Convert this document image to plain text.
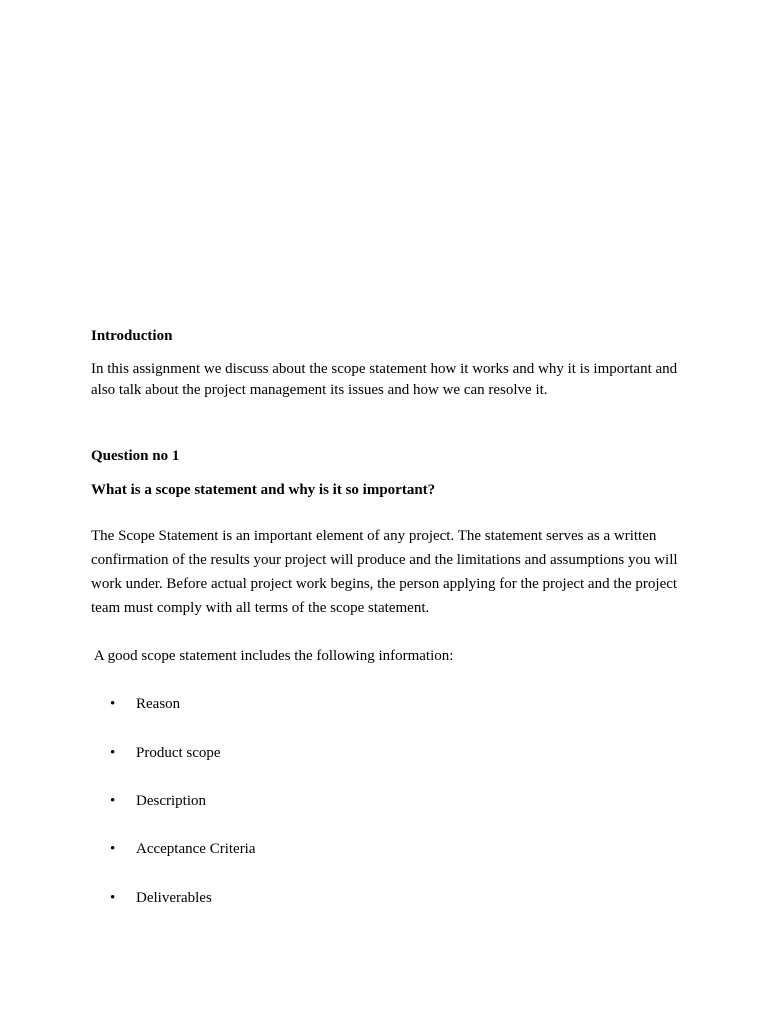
Introduction

In this assignment we discuss about the scope statement how it works and why it is important and also talk about the project management its issues and how we can resolve it.

Question no 1

What is a scope statement and why is it so important?

The Scope Statement is an important element of any project. The statement serves as a written confirmation of the results your project will produce and the limitations and assumptions you will work under. Before actual project work begins, the person applying for the project and the project team must comply with all terms of the scope statement.

A good scope statement includes the following information:

•	Reason
•	Product scope
•	Description
•	Acceptance Criteria
•	Deliverables
